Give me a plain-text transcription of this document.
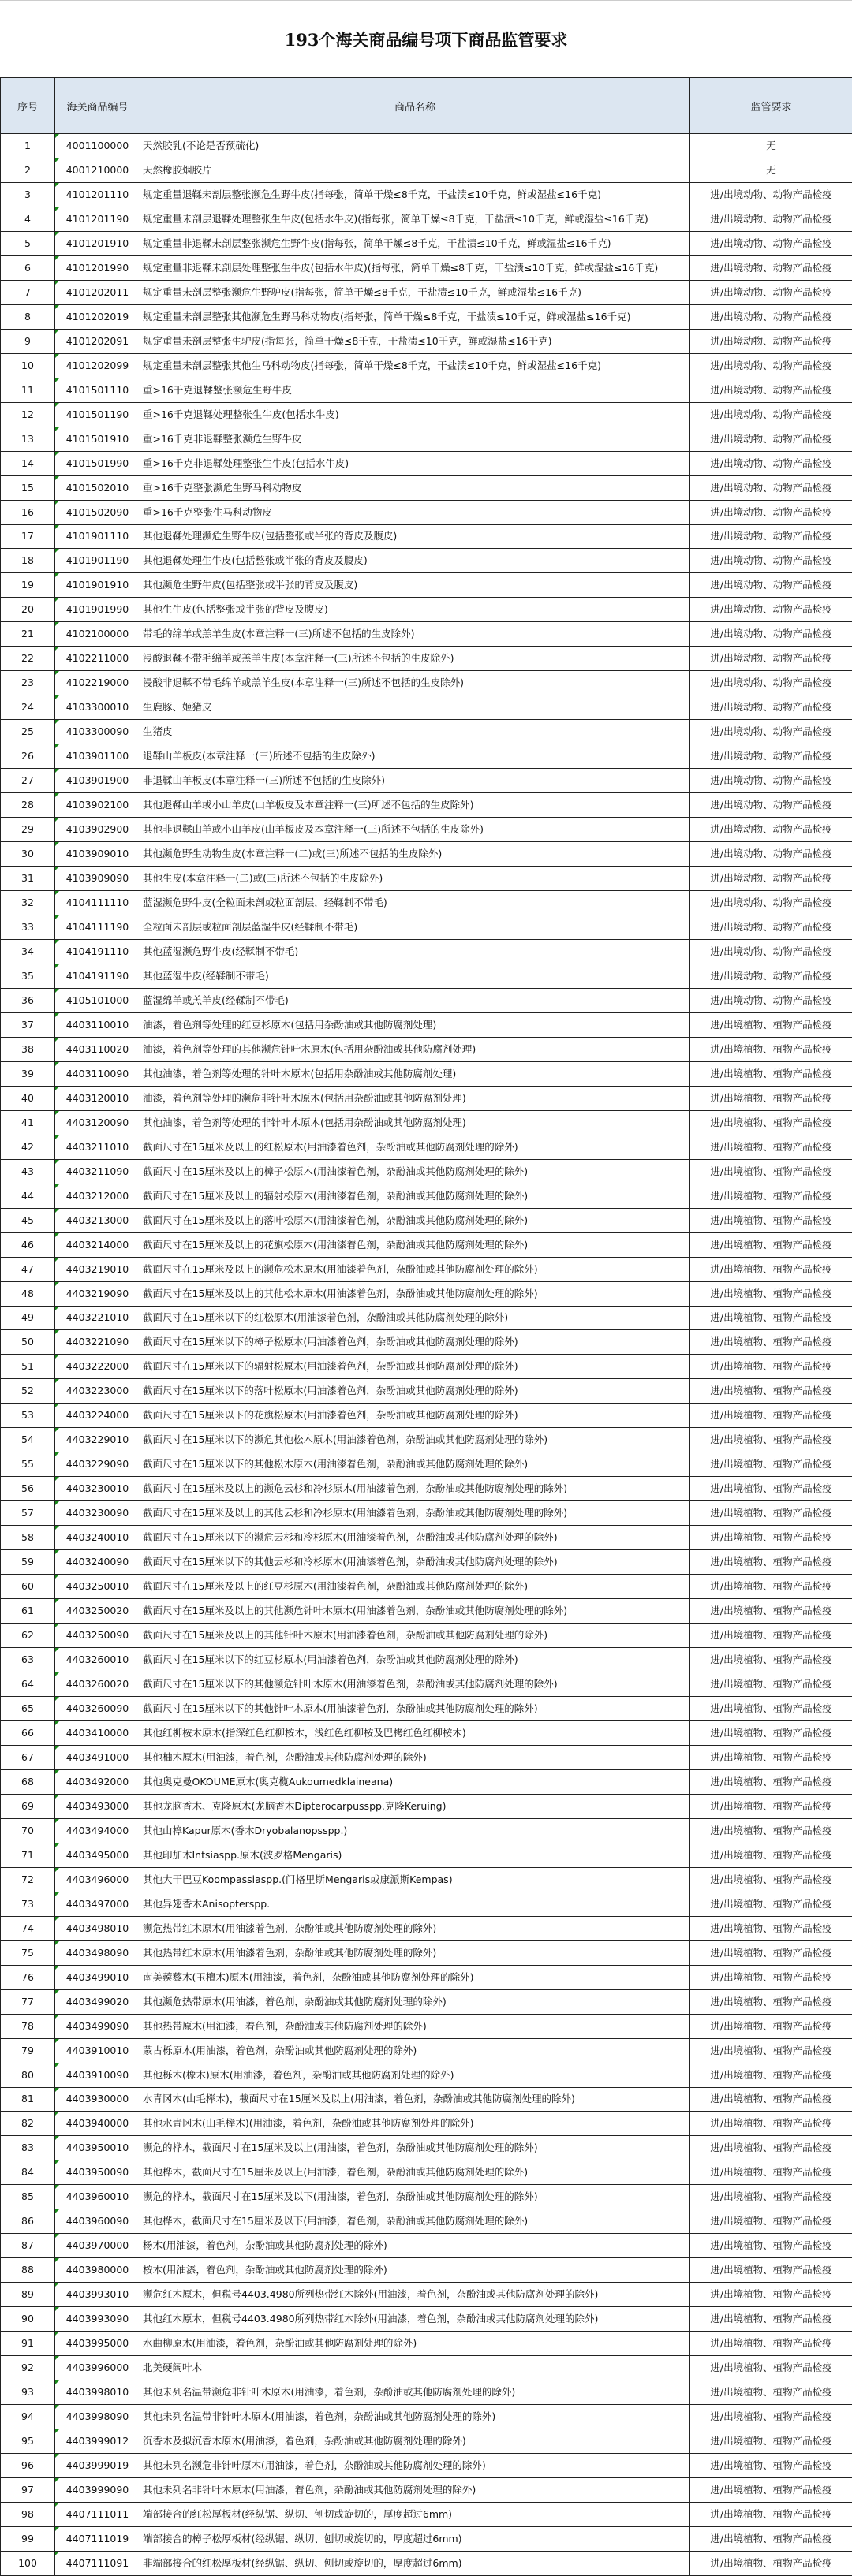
193个海关商品编号项下商品监管要求
序号	海关商品编号	商品名称	监管要求
1	4001100000	天然胶乳(不论是否预硫化)	无
2	4001210000	天然橡胶烟胶片	无
3	4101201110	规定重量退鞣未剖层整张濒危生野牛皮(指每张，简单干燥≤8千克，干盐渍≤10千克，鲜或湿盐≤16千克)	进/出境动物、动物产品检疫
4	4101201190	规定重量未剖层退鞣处理整张生牛皮(包括水牛皮)(指每张，简单干燥≤8千克，干盐渍≤10千克，鲜或湿盐≤16千克)	进/出境动物、动物产品检疫
5	4101201910	规定重量非退鞣未剖层整张濒危生野牛皮(指每张，简单干燥≤8千克，干盐渍≤10千克，鲜或湿盐≤16千克)	进/出境动物、动物产品检疫
6	4101201990	规定重量非退鞣未剖层处理整张生牛皮(包括水牛皮)(指每张，简单干燥≤8千克，干盐渍≤10千克，鲜或湿盐≤16千克)	进/出境动物、动物产品检疫
7	4101202011	规定重量未剖层整张濒危生野驴皮(指每张，简单干燥≤8千克，干盐渍≤10千克，鲜或湿盐≤16千克)	进/出境动物、动物产品检疫
8	4101202019	规定重量未剖层整张其他濒危生野马科动物皮(指每张，简单干燥≤8千克，干盐渍≤10千克，鲜或湿盐≤16千克)	进/出境动物、动物产品检疫
9	4101202091	规定重量未剖层整张生驴皮(指每张，简单干燥≤8千克，干盐渍≤10千克，鲜或湿盐≤16千克)	进/出境动物、动物产品检疫
10	4101202099	规定重量未剖层整张其他生马科动物皮(指每张，简单干燥≤8千克，干盐渍≤10千克，鲜或湿盐≤16千克)	进/出境动物、动物产品检疫
11	4101501110	重>16千克退鞣整张濒危生野牛皮	进/出境动物、动物产品检疫
12	4101501190	重>16千克退鞣处理整张生牛皮(包括水牛皮)	进/出境动物、动物产品检疫
13	4101501910	重>16千克非退鞣整张濒危生野牛皮	进/出境动物、动物产品检疫
14	4101501990	重>16千克非退鞣处理整张生牛皮(包括水牛皮)	进/出境动物、动物产品检疫
15	4101502010	重>16千克整张濒危生野马科动物皮	进/出境动物、动物产品检疫
16	4101502090	重>16千克整张生马科动物皮	进/出境动物、动物产品检疫
17	4101901110	其他退鞣处理濒危生野牛皮(包括整张或半张的背皮及腹皮)	进/出境动物、动物产品检疫
18	4101901190	其他退鞣处理生牛皮(包括整张或半张的背皮及腹皮)	进/出境动物、动物产品检疫
19	4101901910	其他濒危生野牛皮(包括整张或半张的背皮及腹皮)	进/出境动物、动物产品检疫
20	4101901990	其他生牛皮(包括整张或半张的背皮及腹皮)	进/出境动物、动物产品检疫
21	4102100000	带毛的绵羊或羔羊生皮(本章注释一(三)所述不包括的生皮除外)	进/出境动物、动物产品检疫
22	4102211000	浸酸退鞣不带毛绵羊或羔羊生皮(本章注释一(三)所述不包括的生皮除外)	进/出境动物、动物产品检疫
23	4102219000	浸酸非退鞣不带毛绵羊或羔羊生皮(本章注释一(三)所述不包括的生皮除外)	进/出境动物、动物产品检疫
24	4103300010	生鹿豚、姬猪皮	进/出境动物、动物产品检疫
25	4103300090	生猪皮	进/出境动物、动物产品检疫
26	4103901100	退鞣山羊板皮(本章注释一(三)所述不包括的生皮除外)	进/出境动物、动物产品检疫
27	4103901900	非退鞣山羊板皮(本章注释一(三)所述不包括的生皮除外)	进/出境动物、动物产品检疫
28	4103902100	其他退鞣山羊或小山羊皮(山羊板皮及本章注释一(三)所述不包括的生皮除外)	进/出境动物、动物产品检疫
29	4103902900	其他非退鞣山羊或小山羊皮(山羊板皮及本章注释一(三)所述不包括的生皮除外)	进/出境动物、动物产品检疫
30	4103909010	其他濒危野生动物生皮(本章注释一(二)或(三)所述不包括的生皮除外)	进/出境动物、动物产品检疫
31	4103909090	其他生皮(本章注释一(二)或(三)所述不包括的生皮除外)	进/出境动物、动物产品检疫
32	4104111110	蓝湿濒危野牛皮(全粒面未剖或粒面剖层，经鞣制不带毛)	进/出境动物、动物产品检疫
33	4104111190	全粒面未剖层或粒面剖层蓝湿牛皮(经鞣制不带毛)	进/出境动物、动物产品检疫
34	4104191110	其他蓝湿濒危野牛皮(经鞣制不带毛)	进/出境动物、动物产品检疫
35	4104191190	其他蓝湿牛皮(经鞣制不带毛)	进/出境动物、动物产品检疫
36	4105101000	蓝湿绵羊或羔羊皮(经鞣制不带毛)	进/出境动物、动物产品检疫
37	4403110010	油漆，着色剂等处理的红豆杉原木(包括用杂酚油或其他防腐剂处理)	进/出境植物、植物产品检疫
38	4403110020	油漆，着色剂等处理的其他濒危针叶木原木(包括用杂酚油或其他防腐剂处理)	进/出境植物、植物产品检疫
39	4403110090	其他油漆，着色剂等处理的针叶木原木(包括用杂酚油或其他防腐剂处理)	进/出境植物、植物产品检疫
40	4403120010	油漆，着色剂等处理的濒危非针叶木原木(包括用杂酚油或其他防腐剂处理)	进/出境植物、植物产品检疫
41	4403120090	其他油漆，着色剂等处理的非针叶木原木(包括用杂酚油或其他防腐剂处理)	进/出境植物、植物产品检疫
42	4403211010	截面尺寸在15厘米及以上的红松原木(用油漆着色剂，杂酚油或其他防腐剂处理的除外)	进/出境植物、植物产品检疫
43	4403211090	截面尺寸在15厘米及以上的樟子松原木(用油漆着色剂，杂酚油或其他防腐剂处理的除外)	进/出境植物、植物产品检疫
44	4403212000	截面尺寸在15厘米及以上的辐射松原木(用油漆着色剂，杂酚油或其他防腐剂处理的除外)	进/出境植物、植物产品检疫
45	4403213000	截面尺寸在15厘米及以上的落叶松原木(用油漆着色剂，杂酚油或其他防腐剂处理的除外)	进/出境植物、植物产品检疫
46	4403214000	截面尺寸在15厘米及以上的花旗松原木(用油漆着色剂，杂酚油或其他防腐剂处理的除外)	进/出境植物、植物产品检疫
47	4403219010	截面尺寸在15厘米及以上的濒危松木原木(用油漆着色剂，杂酚油或其他防腐剂处理的除外)	进/出境植物、植物产品检疫
48	4403219090	截面尺寸在15厘米及以上的其他松木原木(用油漆着色剂，杂酚油或其他防腐剂处理的除外)	进/出境植物、植物产品检疫
49	4403221010	截面尺寸在15厘米以下的红松原木(用油漆着色剂，杂酚油或其他防腐剂处理的除外)	进/出境植物、植物产品检疫
50	4403221090	截面尺寸在15厘米以下的樟子松原木(用油漆着色剂，杂酚油或其他防腐剂处理的除外)	进/出境植物、植物产品检疫
51	4403222000	截面尺寸在15厘米以下的辐射松原木(用油漆着色剂，杂酚油或其他防腐剂处理的除外)	进/出境植物、植物产品检疫
52	4403223000	截面尺寸在15厘米以下的落叶松原木(用油漆着色剂，杂酚油或其他防腐剂处理的除外)	进/出境植物、植物产品检疫
53	4403224000	截面尺寸在15厘米以下的花旗松原木(用油漆着色剂，杂酚油或其他防腐剂处理的除外)	进/出境植物、植物产品检疫
54	4403229010	截面尺寸在15厘米以下的濒危其他松木原木(用油漆着色剂，杂酚油或其他防腐剂处理的除外)	进/出境植物、植物产品检疫
55	4403229090	截面尺寸在15厘米以下的其他松木原木(用油漆着色剂，杂酚油或其他防腐剂处理的除外)	进/出境植物、植物产品检疫
56	4403230010	截面尺寸在15厘米及以上的濒危云杉和冷杉原木(用油漆着色剂，杂酚油或其他防腐剂处理的除外)	进/出境植物、植物产品检疫
57	4403230090	截面尺寸在15厘米及以上的其他云杉和冷杉原木(用油漆着色剂，杂酚油或其他防腐剂处理的除外)	进/出境植物、植物产品检疫
58	4403240010	截面尺寸在15厘米以下的濒危云杉和冷杉原木(用油漆着色剂，杂酚油或其他防腐剂处理的除外)	进/出境植物、植物产品检疫
59	4403240090	截面尺寸在15厘米以下的其他云杉和冷杉原木(用油漆着色剂，杂酚油或其他防腐剂处理的除外)	进/出境植物、植物产品检疫
60	4403250010	截面尺寸在15厘米及以上的红豆杉原木(用油漆着色剂，杂酚油或其他防腐剂处理的除外)	进/出境植物、植物产品检疫
61	4403250020	截面尺寸在15厘米及以上的其他濒危针叶木原木(用油漆着色剂，杂酚油或其他防腐剂处理的除外)	进/出境植物、植物产品检疫
62	4403250090	截面尺寸在15厘米及以上的其他针叶木原木(用油漆着色剂，杂酚油或其他防腐剂处理的除外)	进/出境植物、植物产品检疫
63	4403260010	截面尺寸在15厘米以下的红豆杉原木(用油漆着色剂，杂酚油或其他防腐剂处理的除外)	进/出境植物、植物产品检疫
64	4403260020	截面尺寸在15厘米以下的其他濒危针叶木原木(用油漆着色剂，杂酚油或其他防腐剂处理的除外)	进/出境植物、植物产品检疫
65	4403260090	截面尺寸在15厘米以下的其他针叶木原木(用油漆着色剂，杂酚油或其他防腐剂处理的除外)	进/出境植物、植物产品检疫
66	4403410000	其他红柳桉木原木(指深红色红柳桉木，浅红色红柳桉及巴栲红色红柳桉木)	进/出境植物、植物产品检疫
67	4403491000	其他柚木原木(用油漆，着色剂，杂酚油或其他防腐剂处理的除外)	进/出境植物、植物产品检疫
68	4403492000	其他奥克曼OKOUME原木(奥克榄Aukoumedklaineana)	进/出境植物、植物产品检疫
69	4403493000	其他龙脑香木、克隆原木(龙脑香木Dipterocarpusspp.克隆Keruing)	进/出境植物、植物产品检疫
70	4403494000	其他山樟Kapur原木(香木Dryobalanopsspp.)	进/出境植物、植物产品检疫
71	4403495000	其他印加木Intsiaspp.原木(波罗格Mengaris)	进/出境植物、植物产品检疫
72	4403496000	其他大干巴豆Koompassiaspp.(门格里斯Mengaris或康派斯Kempas)	进/出境植物、植物产品检疫
73	4403497000	其他异翅香木Anisopterspp.	进/出境植物、植物产品检疫
74	4403498010	濒危热带红木原木(用油漆着色剂，杂酚油或其他防腐剂处理的除外)	进/出境植物、植物产品检疫
75	4403498090	其他热带红木原木(用油漆着色剂，杂酚油或其他防腐剂处理的除外)	进/出境植物、植物产品检疫
76	4403499010	南美蒺藜木(玉檀木)原木(用油漆，着色剂，杂酚油或其他防腐剂处理的除外)	进/出境植物、植物产品检疫
77	4403499020	其他濒危热带原木(用油漆，着色剂，杂酚油或其他防腐剂处理的除外)	进/出境植物、植物产品检疫
78	4403499090	其他热带原木(用油漆，着色剂，杂酚油或其他防腐剂处理的除外)	进/出境植物、植物产品检疫
79	4403910010	蒙古栎原木(用油漆，着色剂，杂酚油或其他防腐剂处理的除外)	进/出境植物、植物产品检疫
80	4403910090	其他栎木(橡木)原木(用油漆，着色剂，杂酚油或其他防腐剂处理的除外)	进/出境植物、植物产品检疫
81	4403930000	水青冈木(山毛榉木)，截面尺寸在15厘米及以上(用油漆，着色剂，杂酚油或其他防腐剂处理的除外)	进/出境植物、植物产品检疫
82	4403940000	其他水青冈木(山毛榉木)(用油漆，着色剂，杂酚油或其他防腐剂处理的除外)	进/出境植物、植物产品检疫
83	4403950010	濒危的桦木，截面尺寸在15厘米及以上(用油漆，着色剂，杂酚油或其他防腐剂处理的除外)	进/出境植物、植物产品检疫
84	4403950090	其他桦木，截面尺寸在15厘米及以上(用油漆，着色剂，杂酚油或其他防腐剂处理的除外)	进/出境植物、植物产品检疫
85	4403960010	濒危的桦木，截面尺寸在15厘米及以下(用油漆，着色剂，杂酚油或其他防腐剂处理的除外)	进/出境植物、植物产品检疫
86	4403960090	其他桦木，截面尺寸在15厘米及以下(用油漆，着色剂，杂酚油或其他防腐剂处理的除外)	进/出境植物、植物产品检疫
87	4403970000	杨木(用油漆，着色剂，杂酚油或其他防腐剂处理的除外)	进/出境植物、植物产品检疫
88	4403980000	桉木(用油漆，着色剂，杂酚油或其他防腐剂处理的除外)	进/出境植物、植物产品检疫
89	4403993010	濒危红木原木，但税号4403.4980所列热带红木除外(用油漆，着色剂，杂酚油或其他防腐剂处理的除外)	进/出境植物、植物产品检疫
90	4403993090	其他红木原木，但税号4403.4980所列热带红木除外(用油漆，着色剂，杂酚油或其他防腐剂处理的除外)	进/出境植物、植物产品检疫
91	4403995000	水曲柳原木(用油漆，着色剂，杂酚油或其他防腐剂处理的除外)	进/出境植物、植物产品检疫
92	4403996000	北美硬阔叶木	进/出境植物、植物产品检疫
93	4403998010	其他未列名温带濒危非针叶木原木(用油漆，着色剂，杂酚油或其他防腐剂处理的除外)	进/出境植物、植物产品检疫
94	4403998090	其他未列名温带非针叶木原木(用油漆，着色剂，杂酚油或其他防腐剂处理的除外)	进/出境植物、植物产品检疫
95	4403999012	沉香木及拟沉香木原木(用油漆，着色剂，杂酚油或其他防腐剂处理的除外)	进/出境植物、植物产品检疫
96	4403999019	其他未列名濒危非针叶原木(用油漆，着色剂，杂酚油或其他防腐剂处理的除外)	进/出境植物、植物产品检疫
97	4403999090	其他未列名非针叶木原木(用油漆，着色剂，杂酚油或其他防腐剂处理的除外)	进/出境植物、植物产品检疫
98	4407111011	端部接合的红松厚板材(经纵锯、纵切、刨切或旋切的，厚度超过6mm)	进/出境植物、植物产品检疫
99	4407111019	端部接合的樟子松厚板材(经纵锯、纵切、刨切或旋切的，厚度超过6mm)	进/出境植物、植物产品检疫
100	4407111091	非端部接合的红松厚板材(经纵锯、纵切、刨切或旋切的，厚度超过6mm)	进/出境植物、植物产品检疫
